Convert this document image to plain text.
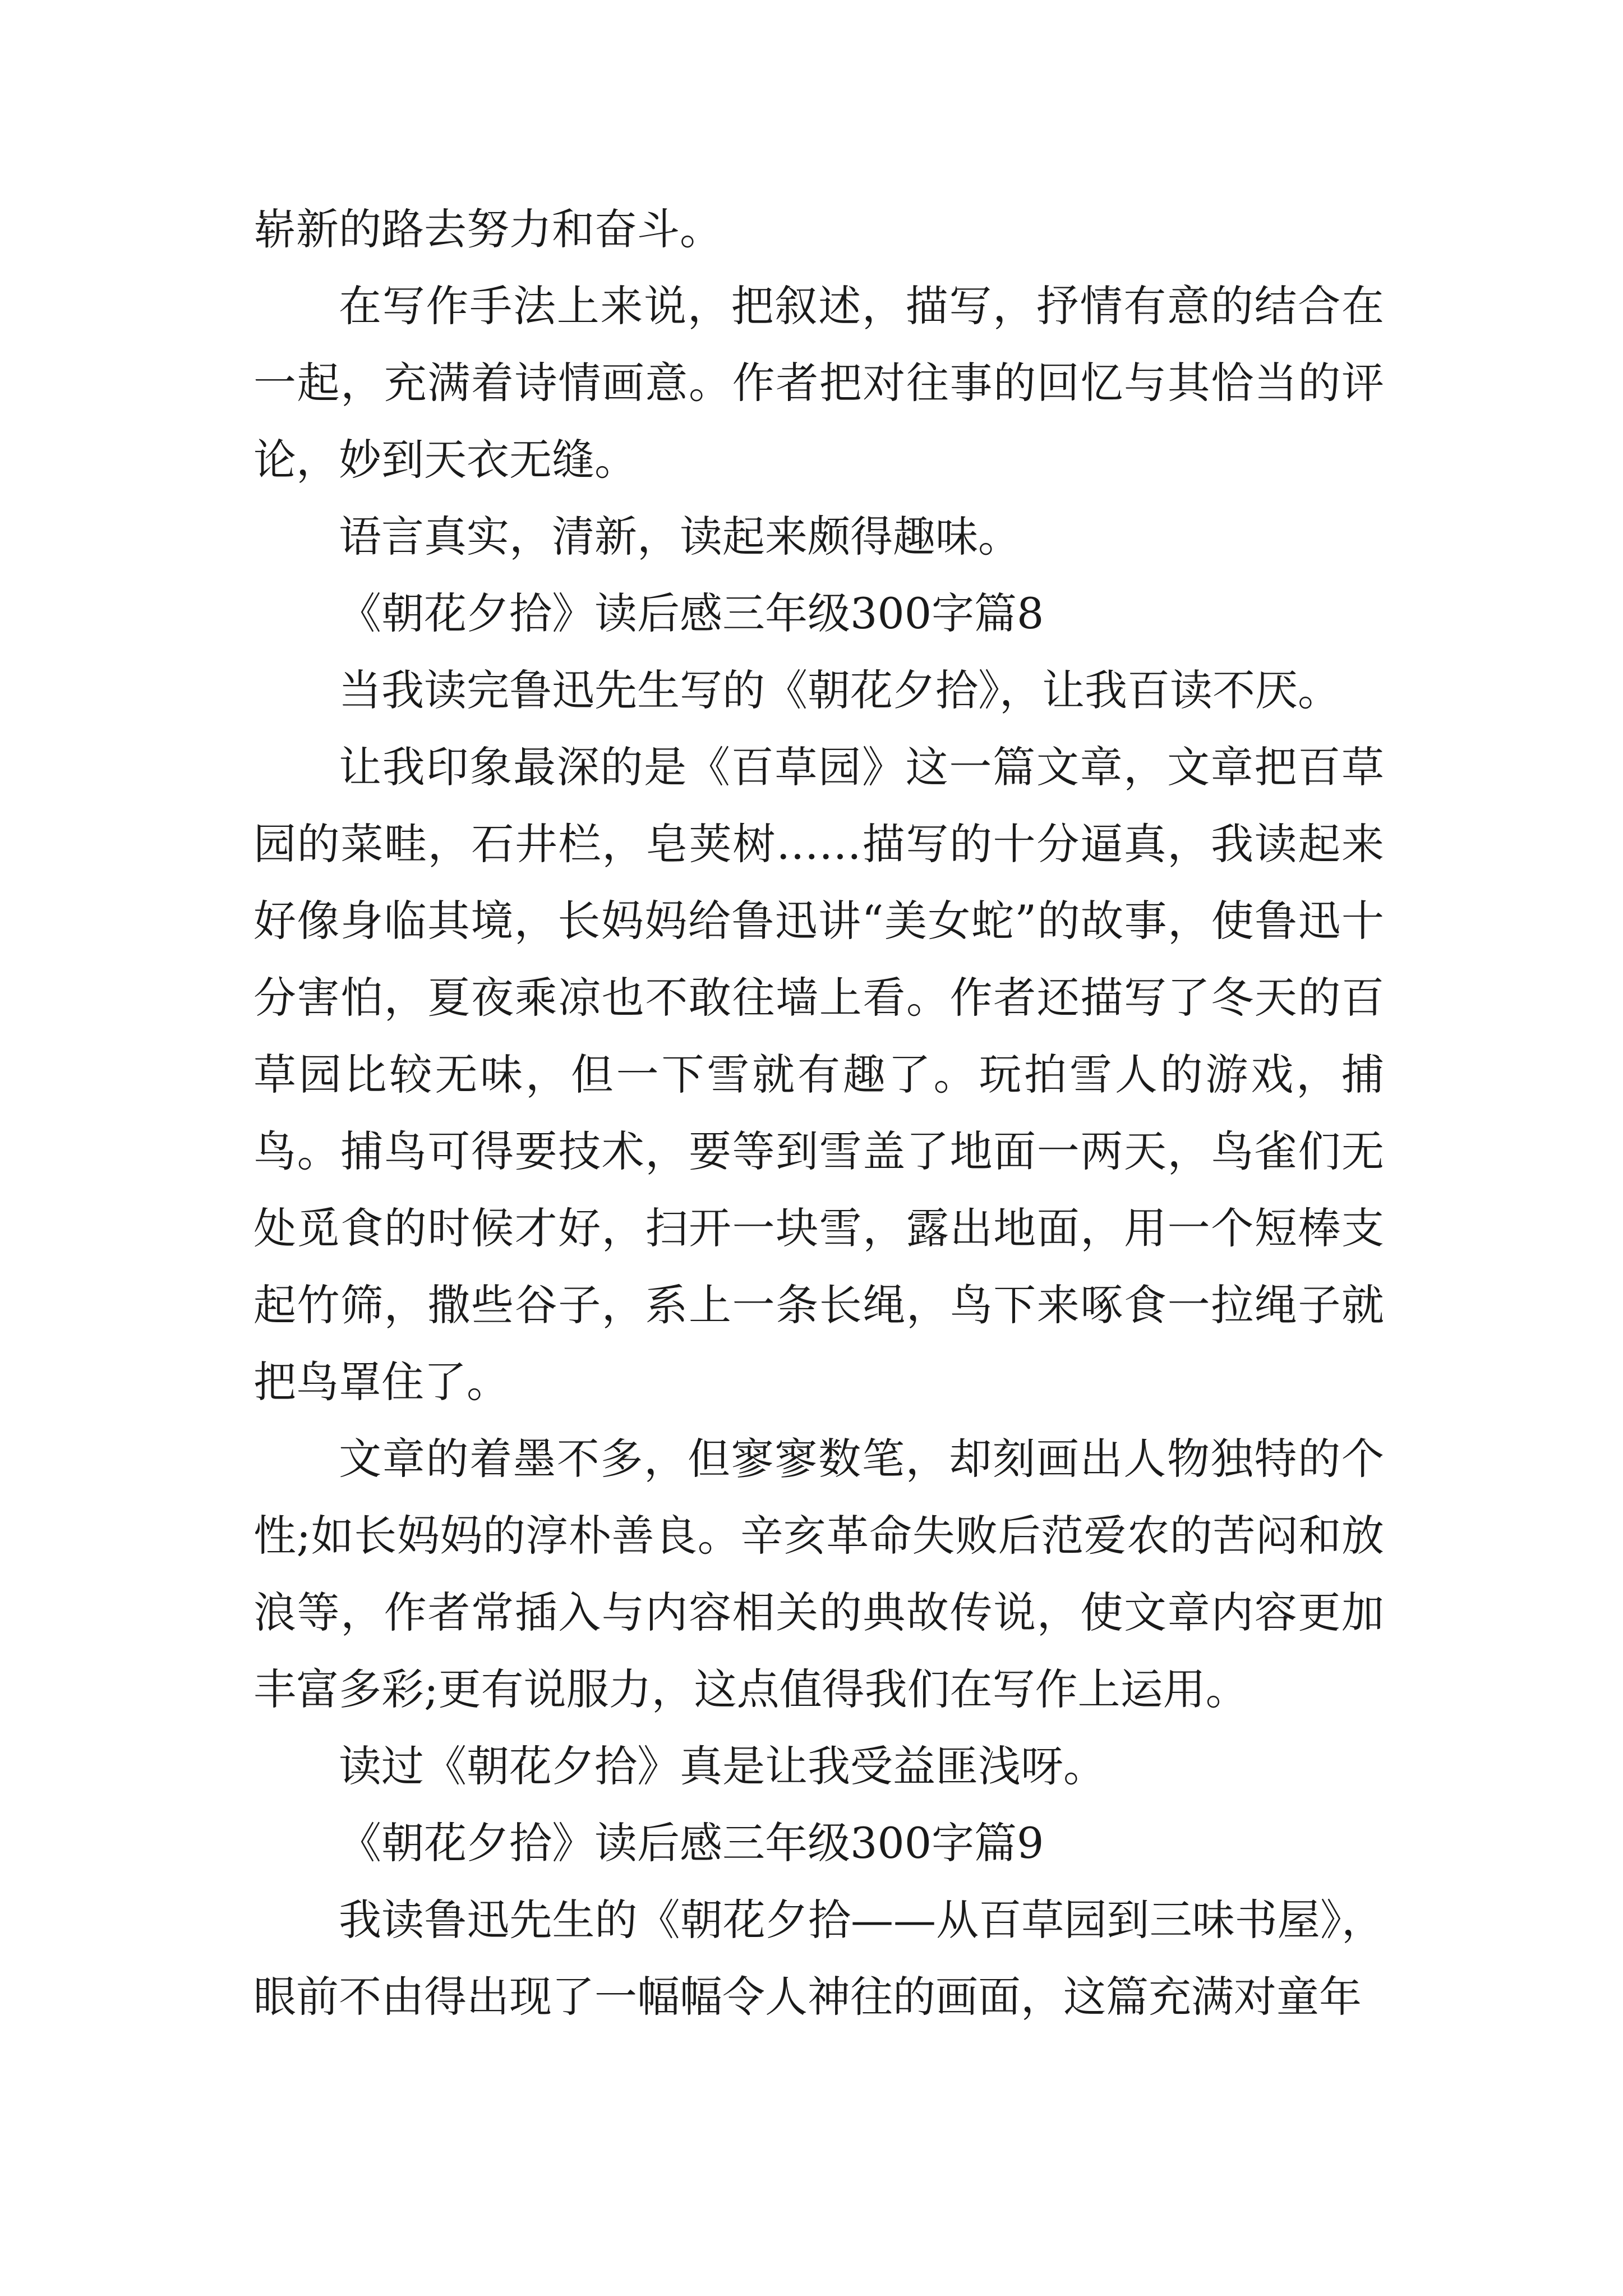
崭新的路去努力和奋斗。

在写作手法上来说，把叙述，描写，抒情有意的结合在一起，充满着诗情画意。作者把对往事的回忆与其恰当的评论，妙到天衣无缝。

语言真实，清新，读起来颇得趣味。

《朝花夕拾》读后感三年级300字篇8

当我读完鲁迅先生写的《朝花夕拾》，让我百读不厌。

让我印象最深的是《百草园》这一篇文章，文章把百草园的菜畦，石井栏，皂荚树……描写的十分逼真，我读起来好像身临其境，长妈妈给鲁迅讲“美女蛇”的故事，使鲁迅十分害怕，夏夜乘凉也不敢往墙上看。作者还描写了冬天的百草园比较无味，但一下雪就有趣了。玩拍雪人的游戏，捕鸟。捕鸟可得要技术，要等到雪盖了地面一两天，鸟雀们无处觅食的时候才好，扫开一块雪，露出地面，用一个短棒支起竹筛，撒些谷子，系上一条长绳，鸟下来啄食一拉绳子就把鸟罩住了。

文章的着墨不多，但寥寥数笔，却刻画出人物独特的个性;如长妈妈的淳朴善良。辛亥革命失败后范爱农的苦闷和放浪等，作者常插入与内容相关的典故传说，使文章内容更加丰富多彩;更有说服力，这点值得我们在写作上运用。

读过《朝花夕拾》真是让我受益匪浅呀。

《朝花夕拾》读后感三年级300字篇9

我读鲁迅先生的《朝花夕拾——从百草园到三味书屋》，眼前不由得出现了一幅幅令人神往的画面，这篇充满对童年
